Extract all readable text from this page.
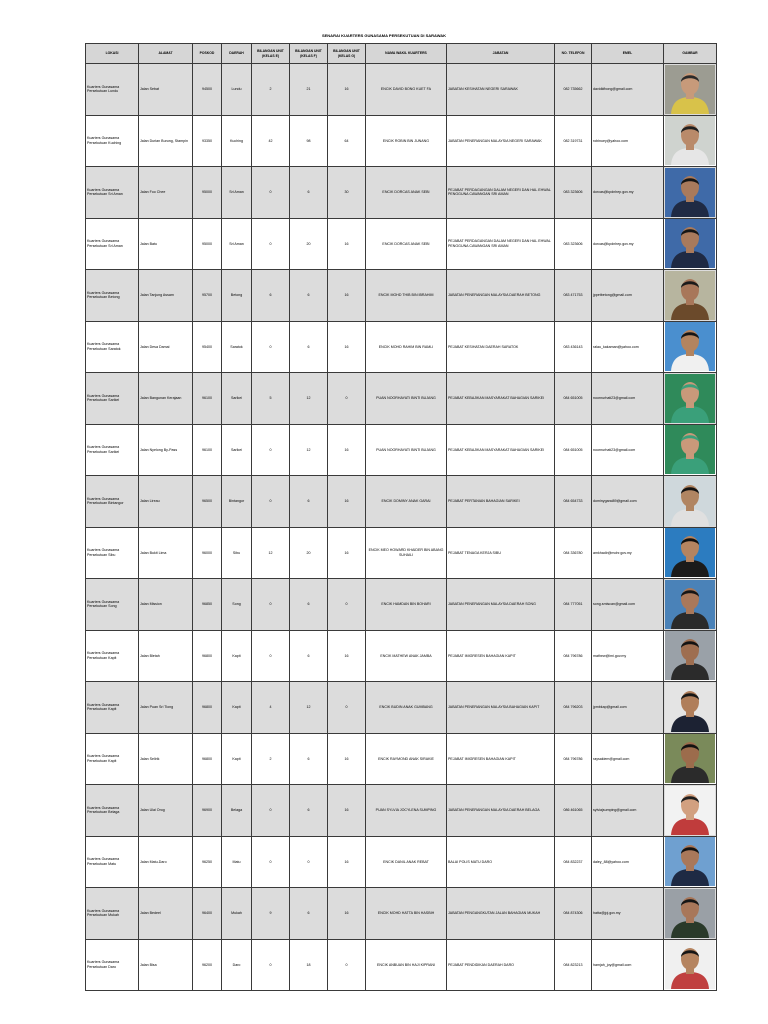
SENARAI KUARTERS GUNASAMA PERSEKUTUAN DI SARAWAK
LOKASI	ALAMAT	POSKOD	DAERAH	BILANGAN UNIT (KELAS E)	BILANGAN UNIT (KELAS F)	BILANGAN UNIT (KELAS G)	NAMA WAKIL KUARTERS	JABATAN	NO. TELEFON	EMEL	GAMBAR
Kuarters Gunasama Persekutuan Lundu	Jalan Sebat	94500	Lundu	2	21	16	ENCIK DAVID BONG KUET FA	JABATAN KESIHATAN NEGERI SARAWAK	082 735662	davidkfbong@gmail.com	

Kuarters Gunasama Persekutuan Kuching	Jalan Durian Burung, Stampin	93350	Kuching	42	98	64	ENCIK ROBIN BIN JUNANG	JABATAN PENERANGAN MALAYSIA NEGERI SARAWAK	082 319731	robinuey@yahoo.com	

Kuarters Gunasama Persekutuan Sri Aman	Jalan Foo Chee	95000	Sri Aman	0	6	30	ENCIK DORCAS ANAK SEBI	PEJABAT PERDAGANGAN DALAM NEGERI DAN HAL EHWAL PENGGUNA CAWANGAN SRI AMAN	083 323606	dorcas@kpdnhep.gov.my	

Kuarters Gunasama Persekutuan Sri Aman	Jalan Batu	95000	Sri Aman	0	20	16	ENCIK DORCAS ANAK SEBI	PEJABAT PERDAGANGAN DALAM NEGERI DAN HAL EHWAL PENGGUNA CAWANGAN SRI AMAN	083 323606	dorcas@kpdnhep.gov.my	

Kuarters Gunasama Persekutuan Betong	Jalan Tanjung Assam	95700	Betong	6	6	16	ENCIK MOHD THIB BIN IBRAHIM	JABATAN PENERANGAN MALAYSIA DAERAH BETONG	083 471753	jppetbetong@gmail.com	

Kuarters Gunasama Persekutuan Saratok	Jalan Desa Damai	95400	Saratok	0	6	16	ENCIK MOHD RAHIM BIN RAMLI	PEJABAT KESIHATAN DAERAH SARATOK	083 436143	ralau_kakaman@yahoo.com	

Kuarters Gunasama Persekutuan Sarikei	Jalan Bangunan Kerajaan	96100	Sarikei	5	12	0	PUAN NOORHAYATI BINTI BUJANG	PEJABAT KEBAJIKAN MASYARAKAT BAHAGIAN SARIKEI	084 651005	noornurhati23@gmail.com	

Kuarters Gunasama Persekutuan Sarikei	Jalan Nyelong By-Pass	96100	Sarikei	0	12	16	PUAN NOORHAYATI BINTI BUJANG	PEJABAT KEBAJIKAN MASYARAKAT BAHAGIAN SARIKEI	084 651005	noornurhati23@gmail.com	

Kuarters Gunasama Persekutuan Bintangor	Jalan Lireau	96500	Bintangor	0	6	16	ENCIK DOMINY ANAK GARAI	PEJABAT PERTANIAN BAHAGIAN SARIKEI	084 654733	dominygarai89@gmail.com	

Kuarters Gunasama Persekutuan Sibu	Jalan Bukit Lima	96000	Sibu	12	20	16	ENCIK MEO HOWARD KHAIDER BIN ABANG SUHAILI	PEJABAT TENAGA KERJA SIBU	084 336780	amkhadir@mohr.gov.my	

Kuarters Gunasama Persekutuan Song	Jalan Mission	96850	Song	0	6	0	ENCIK HAMDAN BIN BOHARI	JABATAN PENERANGAN MALAYSIA DAERAH SONG	084 777051	song.smiscan@gmail.com	

Kuarters Gunasama Persekutuan Kapit	Jalan Bletah	96800	Kapit	0	6	16	ENCIK MATHEW ANAK JAMBA	PEJABAT IMIGRESEN BAHAGIAN KAPIT	084 796786	mathew@imi.gov.my	

Kuarters Gunasama Persekutuan Kapit	Jalan Puan Sri Tiong	96800	Kapit	4	12	0	ENCIK BUDIN ANAK GUMBANG	JABATAN PENERANGAN MALAYSIA BAHAGIAN KAPIT	084 796203	jpmbkap@gmail.com	

Kuarters Gunasama Persekutuan Kapit	Jalan Selirik	96800	Kapit	2	6	16	ENCIK RAYMOND ANAK SIRAKIE	PEJABAT IMIGRESEN BAHAGIAN KAPIT	084 796786	raysakiem@gmail.com	

Kuarters Gunasama Persekutuan Belaga	Jalan Ulai Orog	96900	Belaga	0	6	16	PUAN SYLVIA JOCYLENA SUMPING	JABATAN PENERANGAN MALAYSIA DAERAH BELAGA	086 461065	sylviajsumping@gmail.com	

Kuarters Gunasama Persekutuan Matu	Jalan Matu-Daro	96250	Matu	0	0	16	ENCIK DANIL ANAK REBAT	BALAI POLIS MATU DARO	084 832237	daley_88@yahoo.com	

Kuarters Gunasama Persekutuan Mukah	Jalan Bedeel	96400	Mukah	9	6	16	ENCIK MOHD HATTA BIN HASBIH	JABATAN PENGANGKUTAN JALAN BAHAGIAN MUKAH	084 874306	hatta@jpj.gov.my	

Kuarters Gunasama Persekutuan Daro	Jalan Bisa	96200	Daro	0	18	0	ENCIK ANBUAN BIN HAJI KIPRANI	PEJABAT PENDIDIKAN DAERAH DARO	084 823213	hamjah_joy@gmail.com	
